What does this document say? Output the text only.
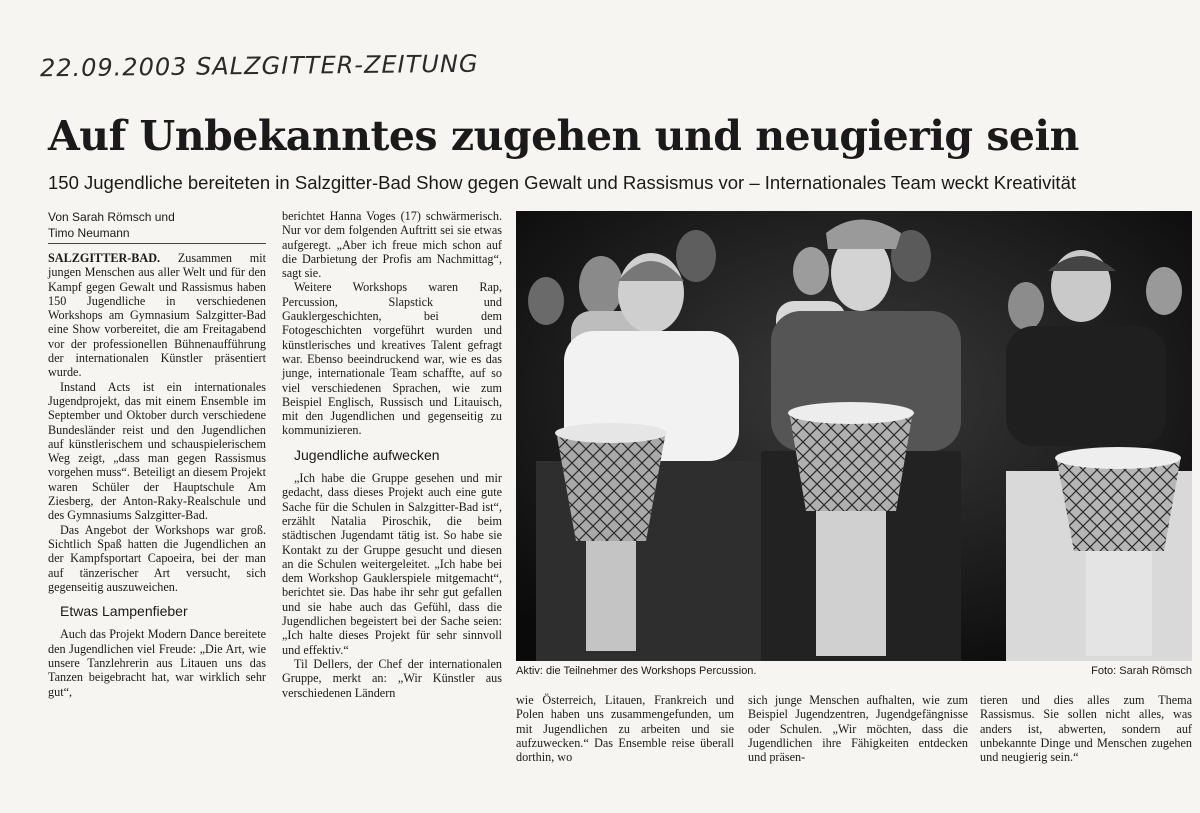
22.09.2003 SALZGITTER-ZEITUNG
Auf Unbekanntes zugehen und neugierig sein
150 Jugendliche bereiteten in Salzgitter-Bad Show gegen Gewalt und Rassismus vor – Internationales Team weckt Kreativität
Von Sarah Römsch und
Timo Neumann

SALZGITTER-BAD. Zusammen mit jungen Menschen aus aller Welt und für den Kampf gegen Gewalt und Rassismus haben 150 Jugendliche in verschiedenen Workshops am Gymnasium Salzgitter-Bad eine Show vorbereitet, die am Freitagabend vor der professionellen Bühnenaufführung der internationalen Künstler präsentiert wurde.

Instand Acts ist ein internationales Jugendprojekt, das mit einem Ensemble im September und Oktober durch verschiedene Bundesländer reist und den Jugendlichen auf künstlerischem und schauspielerischem Weg zeigt, „dass man gegen Rassismus vorgehen muss“. Beteiligt an diesem Projekt waren Schüler der Hauptschule Am Ziesberg, der Anton-Raky-Realschule und des Gymnasiums Salzgitter-Bad.

Das Angebot der Workshops war groß. Sichtlich Spaß hatten die Jugendlichen an der Kampfsportart Capoeira, bei der man auf tänzerischer Art versucht, sich gegenseitig auszuweichen.

Etwas Lampenfieber

Auch das Projekt Modern Dance bereitete den Jugendlichen viel Freude: „Die Art, wie unsere Tanzlehrerin aus Litauen uns das Tanzen beigebracht hat, war wirklich sehr gut“,

berichtet Hanna Voges (17) schwärmerisch. Nur vor dem folgenden Auftritt sei sie etwas aufgeregt. „Aber ich freue mich schon auf die Darbietung der Profis am Nachmittag“, sagt sie.

Weitere Workshops waren Rap, Percussion, Slapstick und Gauklergeschichten, bei dem Fotogeschichten vorgeführt wurden und künstlerisches und kreatives Talent gefragt war. Ebenso beeindruckend war, wie es das junge, internationale Team schaffte, auf so viel verschiedenen Sprachen, wie zum Beispiel Englisch, Russisch und Litauisch, mit den Jugendlichen und gegenseitig zu kommunizieren.

Jugendliche aufwecken

„Ich habe die Gruppe gesehen und mir gedacht, dass dieses Projekt auch eine gute Sache für die Schulen in Salzgitter-Bad ist“, erzählt Natalia Piroschik, die beim städtischen Jugendamt tätig ist. So habe sie Kontakt zu der Gruppe gesucht und diesen an die Schulen weitergeleitet. „Ich habe bei dem Workshop Gauklerspiele mitgemacht“, berichtet sie. Das habe ihr sehr gut gefallen und sie habe auch das Gefühl, dass die Jugendlichen begeistert bei der Sache seien: „Ich halte dieses Projekt für sehr sinnvoll und effektiv.“

Til Dellers, der Chef der internationalen Gruppe, merkt an: „Wir Künstler aus verschiedenen Ländern

Aktiv: die Teilnehmer des Workshops Percussion.	Foto: Sarah Römsch
wie Österreich, Litauen, Frankreich und Polen haben uns zusammengefunden, um mit Jugendlichen zu arbeiten und sie aufzuwecken.“ Das Ensemble reise überall dorthin, wo
sich junge Menschen aufhalten, wie zum Beispiel Jugendzentren, Jugendgefängnisse oder Schulen. „Wir möchten, dass die Jugendlichen ihre Fähigkeiten entdecken und präsen-
tieren und dies alles zum Thema Rassismus. Sie sollen nicht alles, was anders ist, abwerten, sondern auf unbekannte Dinge und Menschen zugehen und neugierig sein.“
